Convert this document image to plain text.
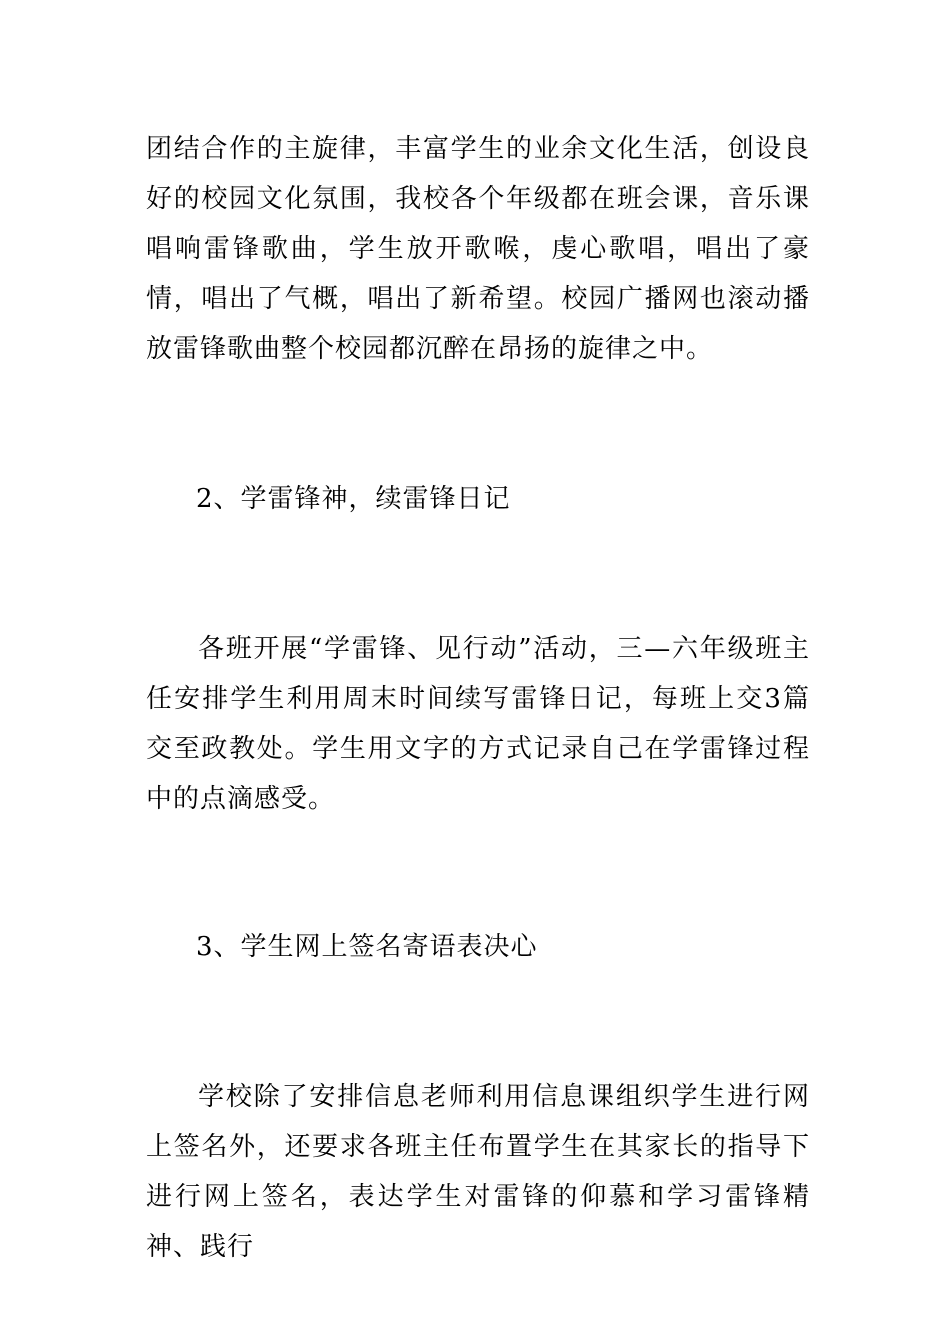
团结合作的主旋律，丰富学生的业余文化生活，创设良好的校园文化氛围，我校各个年级都在班会课，音乐课唱响雷锋歌曲，学生放开歌喉，虔心歌唱，唱出了豪情，唱出了气概，唱出了新希望。校园广播网也滚动播放雷锋歌曲整个校园都沉醉在昂扬的旋律之中。

2、学雷锋神，续雷锋日记

各班开展“学雷锋、见行动”活动，三—六年级班主任安排学生利用周末时间续写雷锋日记，每班上交3篇交至政教处。学生用文字的方式记录自己在学雷锋过程中的点滴感受。

3、学生网上签名寄语表决心

学校除了安排信息老师利用信息课组织学生进行网上签名外，还要求各班主任布置学生在其家长的指导下进行网上签名，表达学生对雷锋的仰慕和学习雷锋精神、践行
